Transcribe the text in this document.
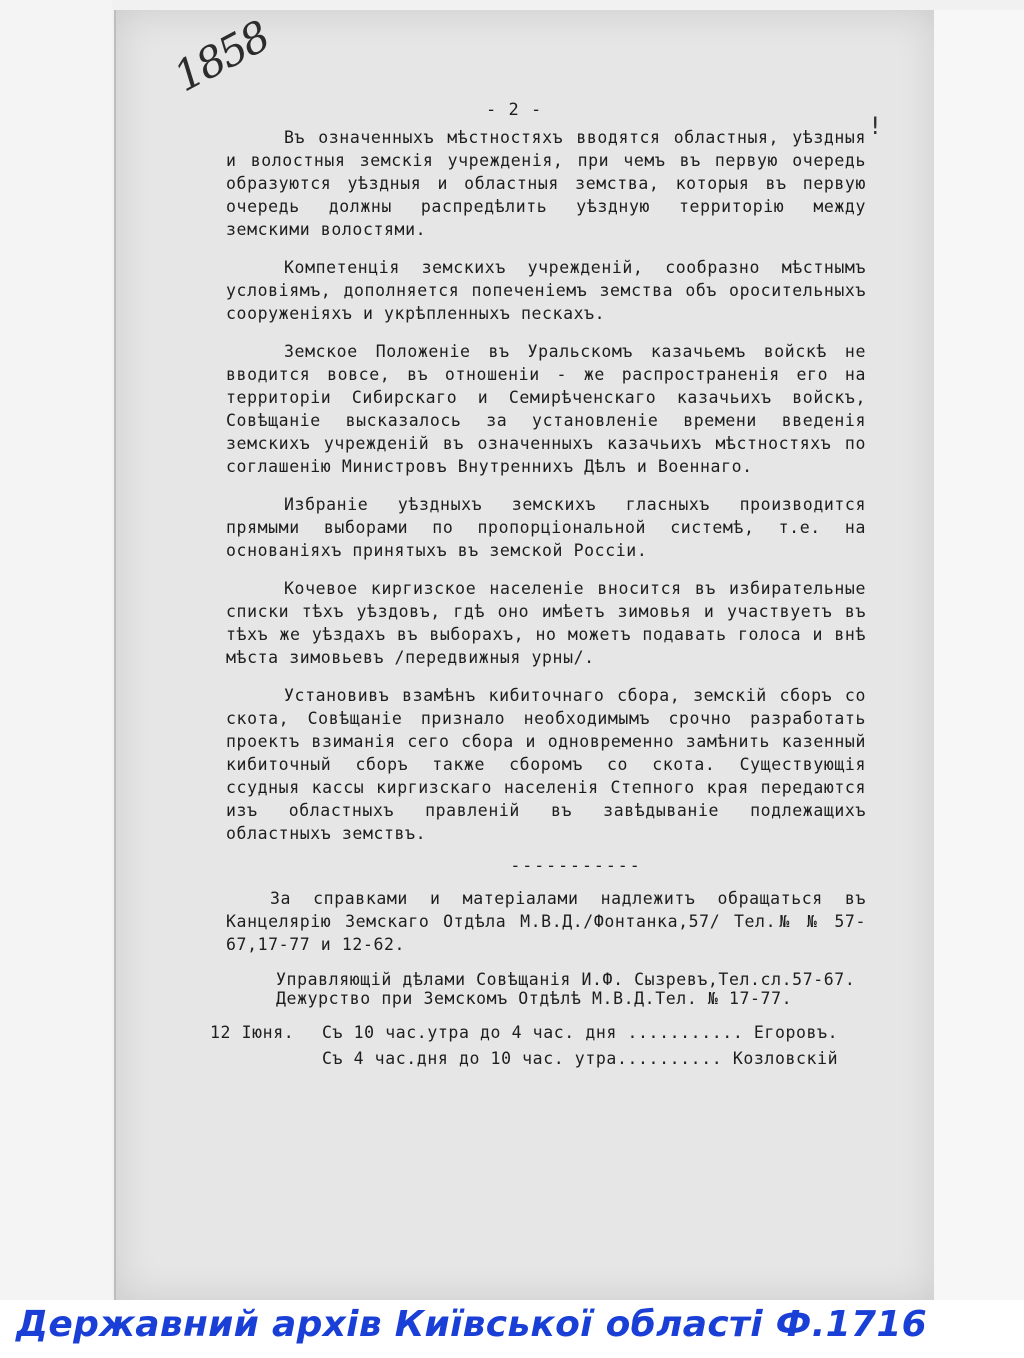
1858
- 2 -
ǃ

Въ означенныхъ мѣстностяхъ вводятся областныя, уѣздныя и волостныя земскія учрежденія, при чемъ въ первую очередь образуются уѣздныя и областныя земства, которыя въ первую очередь должны распредѣлить уѣздную территорію между земскими волостями.

Компетенція земскихъ учрежденій, сообразно мѣстнымъ условіямъ, дополняется попеченіемъ земства объ оросительныхъ сооруженіяхъ и укрѣпленныхъ пескахъ.

Земское Положеніе въ Уральскомъ казачьемъ войскѣ не вводится вовсе, въ отношеніи - же распространенія его на территоріи Сибирскаго и Семирѣченскаго казачьихъ войскъ, Совѣщаніе высказалось за установленіе времени введенія земскихъ учрежденій въ означенныхъ казачьихъ мѣстностяхъ по соглашенію Министровъ Внутреннихъ Дѣлъ и Военнаго.

Избраніе уѣздныхъ земскихъ гласныхъ производится прямыми выборами по пропорціональной системѣ, т.е. на основаніяхъ принятыхъ въ земской Россіи.

Кочевое киргизское населеніе вносится въ избирательные списки тѣхъ уѣздовъ, гдѣ оно имѣетъ зимовья и участвуетъ въ тѣхъ же уѣздахъ въ выборахъ, но можетъ подавать голоса и внѣ мѣста зимовьевъ /передвижныя урны/.

Установивъ взамѣнъ кибиточнаго сбора, земскій сборъ со скота, Совѣщаніе признало необходимымъ срочно разработать проектъ взиманія сего сбора и одновременно замѣнить казенный кибиточный сборъ также сборомъ со скота. Существующія ссудныя кассы киргизскаго населенія Степного края передаются изъ областныхъ правленій въ завѣдываніе подлежащихъ областныхъ земствъ.

-----------

За справками и матеріалами надлежитъ обращаться въ Канцелярію Земскаго Отдѣла М.В.Д./Фонтанка,57/ Тел.№ № 57-67,17-77 и 12-62.

Управляющій дѣлами Совѣщанія И.Ф. Сызревъ,Тел.сл.57-67.
Дежурство при Земскомъ Отдѣлѣ М.В.Д.Тел. № 17-77.
12 Іюня. Съ 10 час.утра до 4 час. дня ........... Егоровъ.
Съ 4 час.дня до 10 час. утра.......... Козловскій
Державний архів Київської області Ф.1716
